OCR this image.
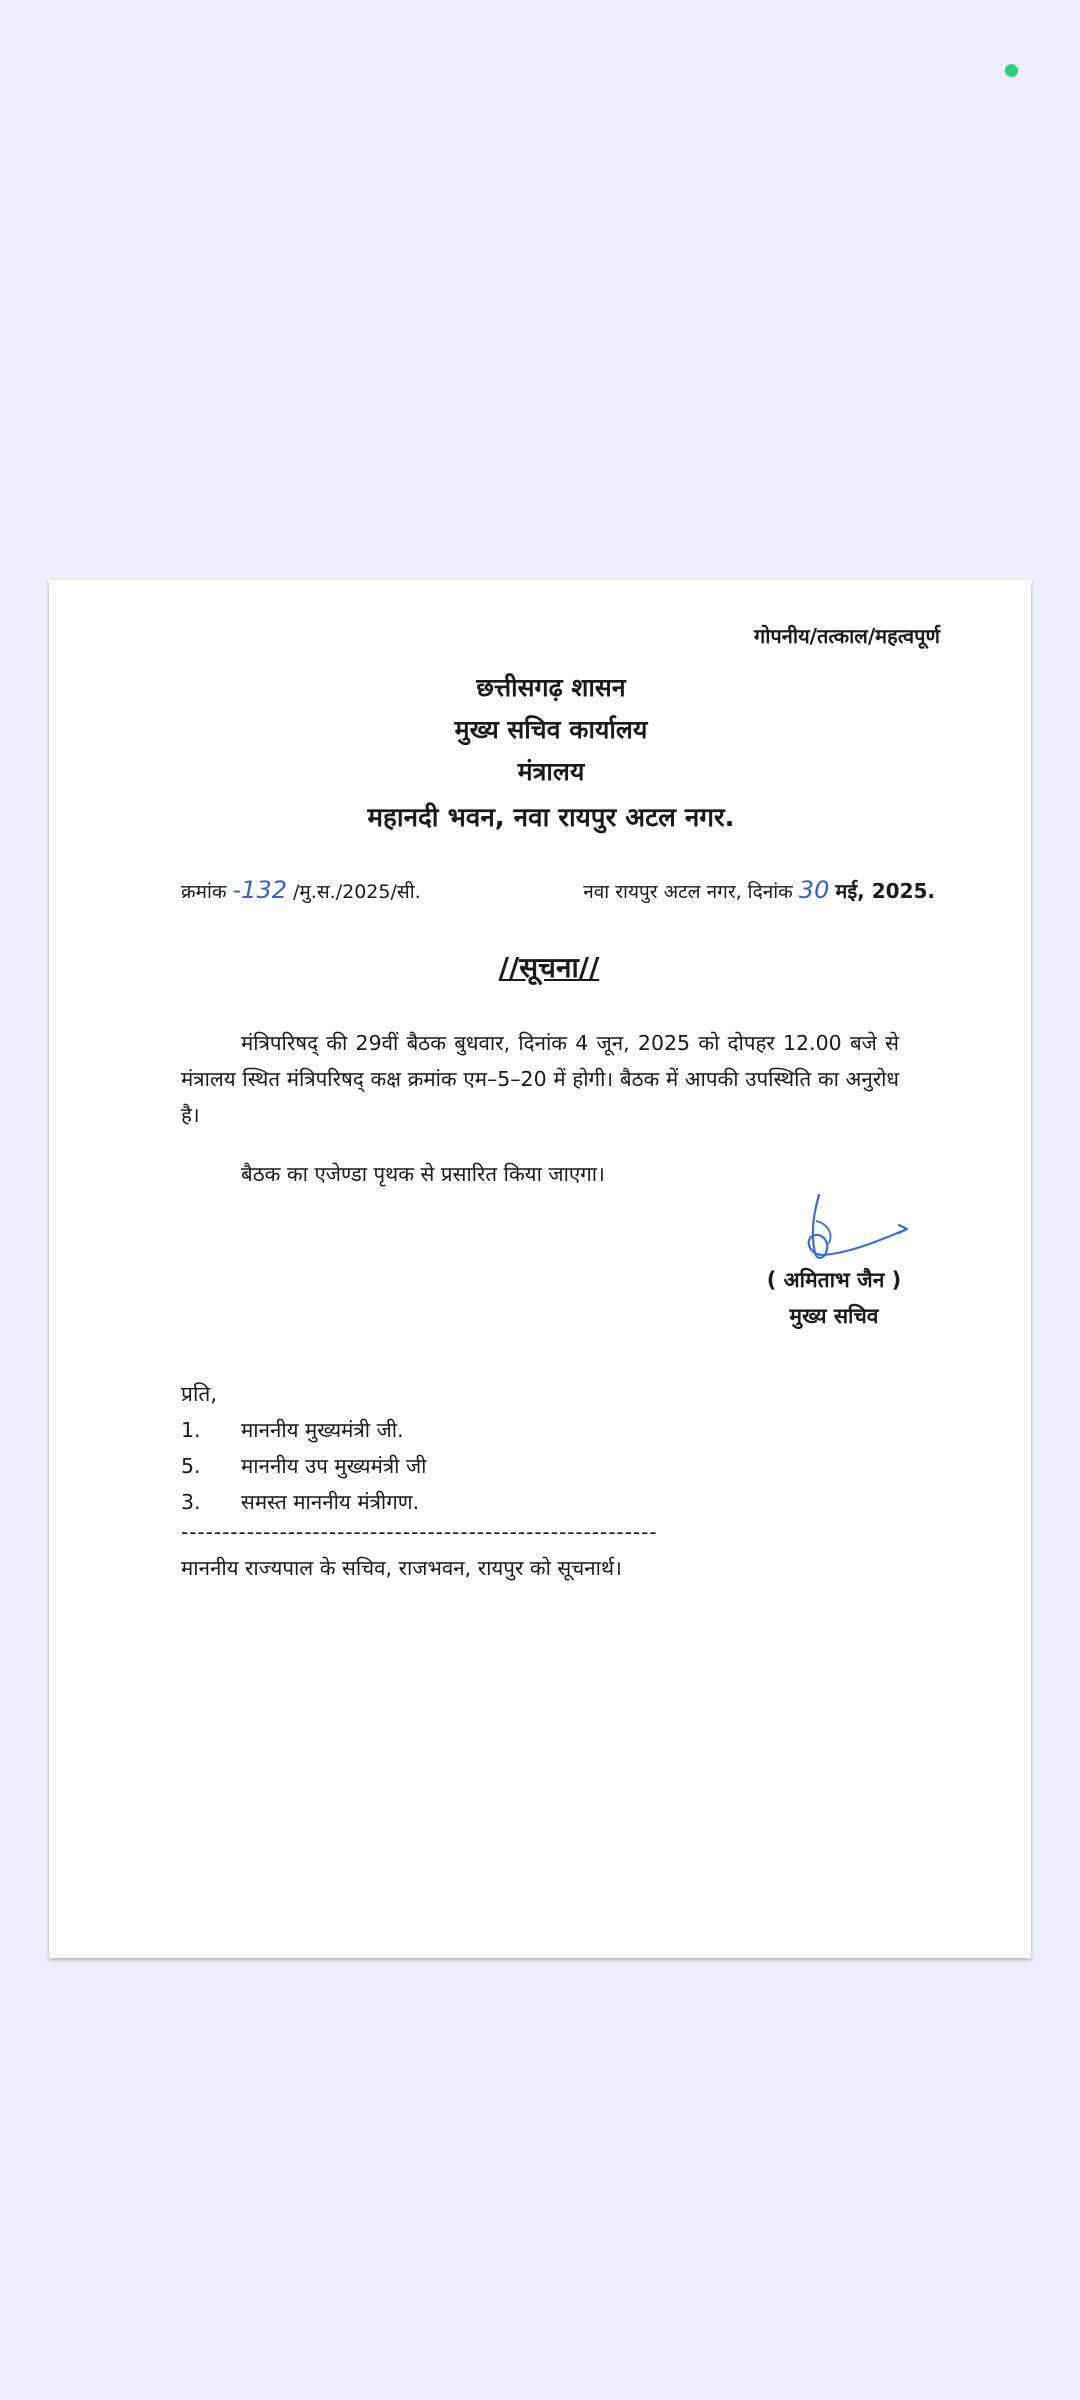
गोपनीय/तत्काल/महत्वपूर्ण
छत्तीसगढ़ शासन
मुख्य सचिव कार्यालय
मंत्रालय
महानदी भवन, नवा रायपुर अटल नगर.
क्रमांक -132 /मु.स./2025/सी.	नवा रायपुर अटल नगर, दिनांक 30 मई, 2025.
//सूचना//
मंत्रिपरिषद् की 29वीं बैठक बुधवार, दिनांक 4 जून, 2025 को दोपहर 12.00 बजे से मंत्रालय स्थित मंत्रिपरिषद् कक्ष क्रमांक एम–5–20 में होगी। बैठक में आपकी उपस्थिति का अनुरोध है।
बैठक का एजेण्डा पृथक से प्रसारित किया जाएगा।
( अमिताभ जैन )
मुख्य सचिव
प्रति,
1. माननीय मुख्यमंत्री जी.
5. माननीय उप मुख्यमंत्री जी
3. समस्त माननीय मंत्रीगण.
----------------------------------------------------------
माननीय राज्यपाल के सचिव, राजभवन, रायपुर को सूचनार्थ।
